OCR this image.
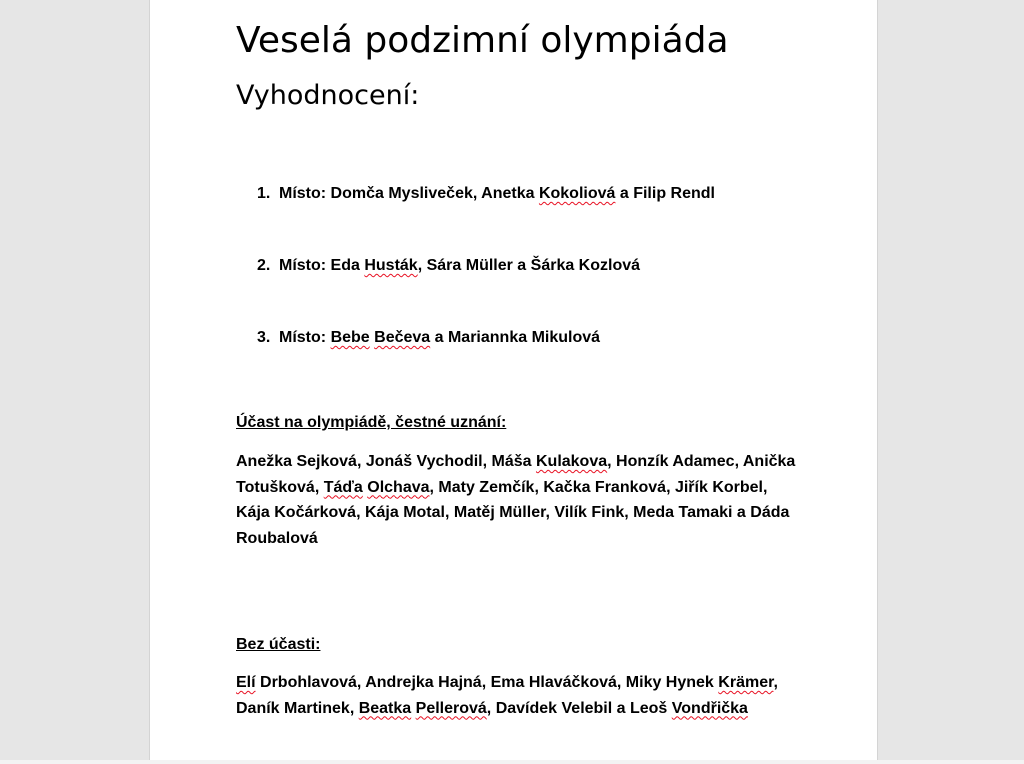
Veselá podzimní olympiáda
Vyhodnocení:
1. Místo: Domča Mysliveček, Anetka Kokoliová a Filip Rendl
2. Místo: Eda Husták, Sára Müller a Šárka Kozlová
3. Místo: Bebe Bečeva a Mariannka Mikulová
Účast na olympiádě, čestné uznání:
Anežka Sejková, Jonáš Vychodil, Máša Kulakova, Honzík Adamec, Anička Totušková, Táďa Olchava, Maty Zemčík, Kačka Franková, Jiřík Korbel, Kája Kočárková, Kája Motal, Matěj Müller, Vilík Fink, Meda Tamaki a Dáda Roubalová
Bez účasti:
Elí Drbohlavová, Andrejka Hajná, Ema Hlaváčková, Miky Hynek Krämer, Daník Martinek, Beatka Pellerová, Davídek Velebil a Leoš Vondřička
